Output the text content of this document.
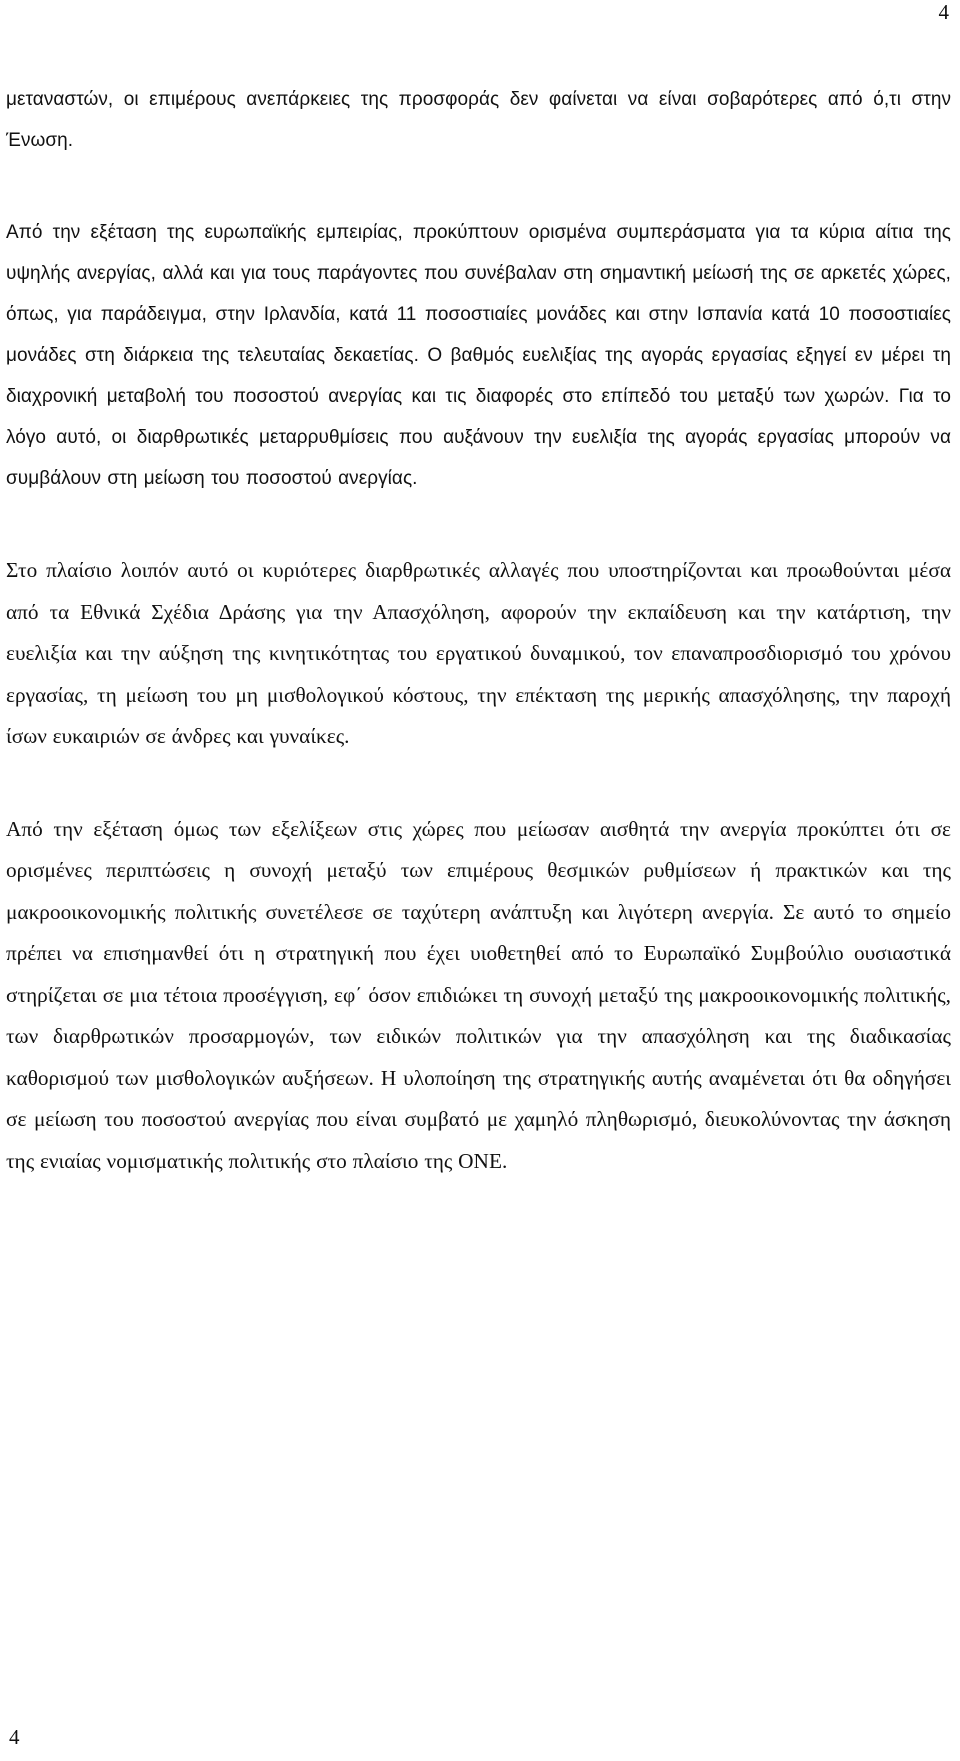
4

μεταναστών, οι επιμέρους ανεπάρκειες της προσφοράς δεν φαίνεται να είναι σοβαρότερες από ό,τι στην Ένωση.

Από την εξέταση της ευρωπαϊκής εμπειρίας, προκύπτουν ορισμένα συμπεράσματα για τα κύρια αίτια της υψηλής ανεργίας, αλλά και για τους παράγοντες που συνέβαλαν στη σημαντική μείωσή της σε αρκετές χώρες, όπως, για παράδειγμα, στην Ιρλανδία, κατά 11 ποσοστιαίες μονάδες και στην Ισπανία κατά 10 ποσοστιαίες μονάδες στη διάρκεια της τελευταίας δεκαετίας. Ο βαθμός ευελιξίας της αγοράς εργασίας εξηγεί εν μέρει τη διαχρονική μεταβολή του ποσοστού ανεργίας και τις διαφορές στο επίπεδό του μεταξύ των χωρών. Για το λόγο αυτό, οι διαρθρωτικές μεταρρυθμίσεις που αυξάνουν την ευελιξία της αγοράς εργασίας μπορούν να συμβάλουν στη μείωση του ποσοστού ανεργίας.

Στο πλαίσιο λοιπόν αυτό οι κυριότερες διαρθρωτικές αλλαγές που υποστηρίζονται και προωθούνται μέσα από τα Εθνικά Σχέδια Δράσης για την Απασχόληση, αφορούν την εκπαίδευση και την κατάρτιση, την ευελιξία και την αύξηση της κινητικότητας του εργατικού δυναμικού, τον επαναπροσδιορισμό του χρόνου εργασίας, τη μείωση του μη μισθολογικού κόστους, την επέκταση της μερικής απασχόλησης, την παροχή ίσων ευκαιριών σε άνδρες και γυναίκες.

Από την εξέταση όμως των εξελίξεων στις χώρες που μείωσαν αισθητά την ανεργία προκύπτει ότι σε ορισμένες περιπτώσεις η συνοχή μεταξύ των επιμέρους θεσμικών ρυθμίσεων ή πρακτικών και της μακροοικονομικής πολιτικής συνετέλεσε σε ταχύτερη ανάπτυξη και λιγότερη ανεργία. Σε αυτό το σημείο πρέπει να επισημανθεί ότι η στρατηγική που έχει υιοθετηθεί από το Ευρωπαϊκό Συμβούλιο ουσιαστικά στηρίζεται σε μια τέτοια προσέγγιση, εφ΄ όσον επιδιώκει τη συνοχή μεταξύ της μακροοικονομικής πολιτικής, των διαρθρωτικών προσαρμογών, των ειδικών πολιτικών για την απασχόληση και της διαδικασίας καθορισμού των μισθολογικών αυξήσεων. Η υλοποίηση της στρατηγικής αυτής αναμένεται ότι θα οδηγήσει σε μείωση του ποσοστού ανεργίας που είναι συμβατό με χαμηλό πληθωρισμό, διευκολύνοντας την άσκηση της ενιαίας νομισματικής πολιτικής στο πλαίσιο της ΟΝΕ.

4
